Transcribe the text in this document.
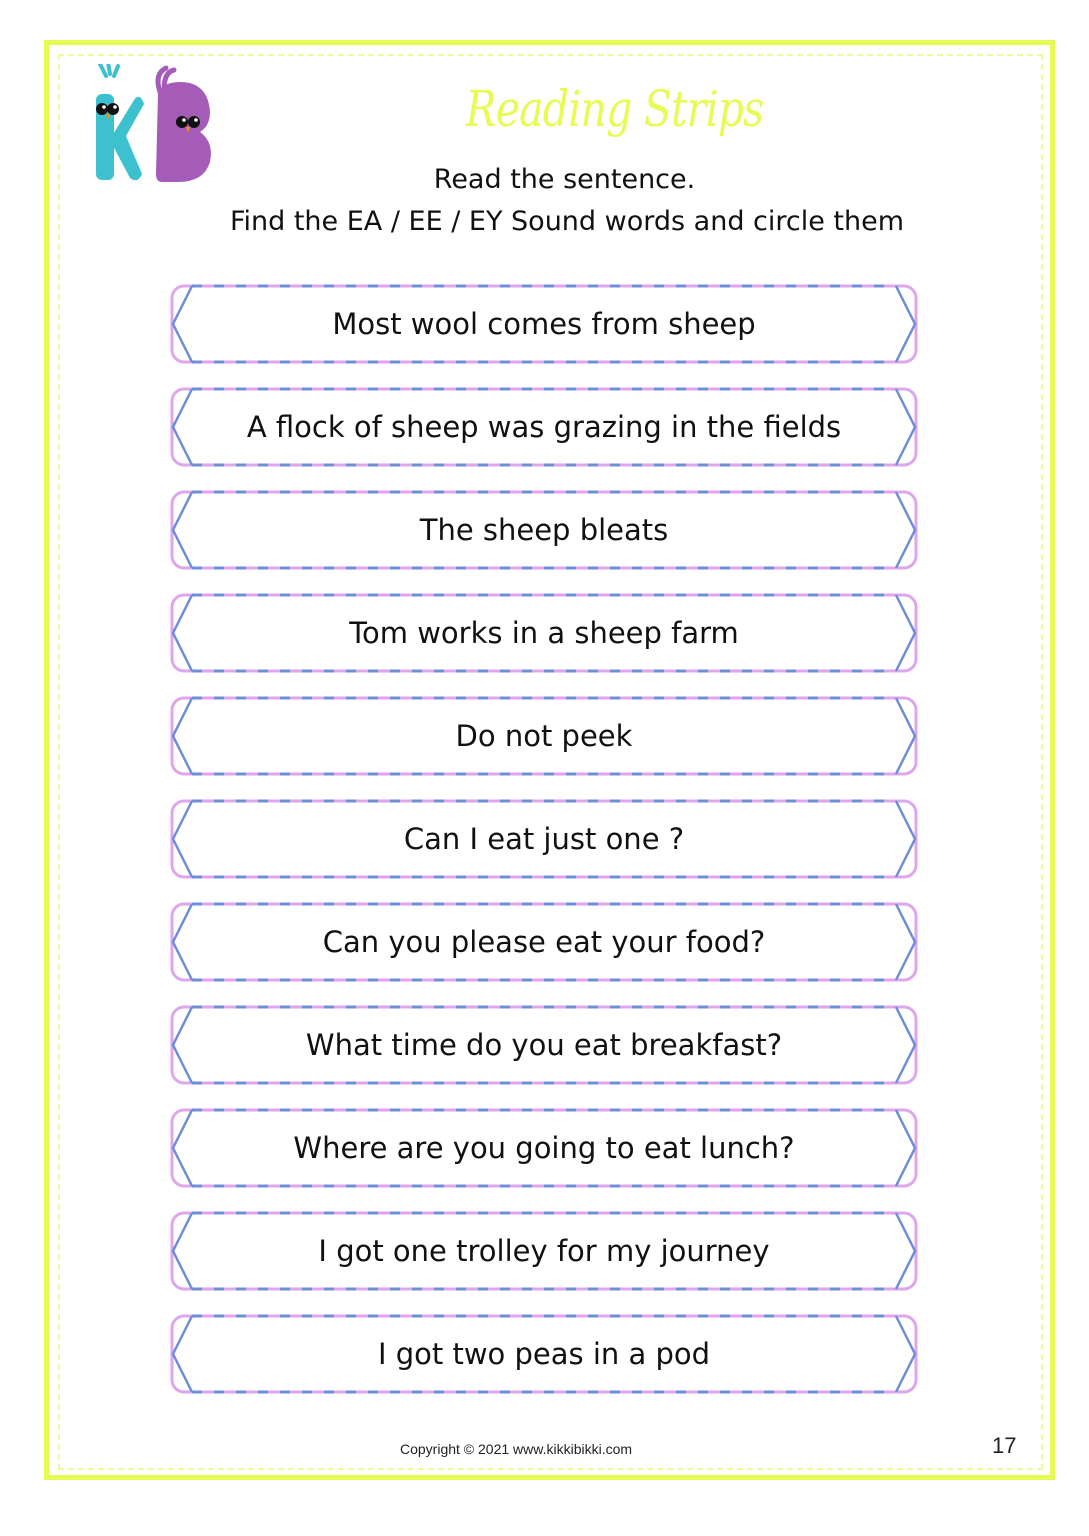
Reading Strips
Read the sentence.
Find the EA / EE / EY Sound words and circle them
Most wool comes from sheep
A flock of sheep was grazing in the fields
The sheep bleats
Tom works in a sheep farm
Do not peek
Can I eat just one ?
Can you please eat your food?
What time do you eat breakfast?
Where are you going to eat lunch?
I got one trolley for my journey
I got two peas in a pod
Copyright © 2021 www.kikkibikki.com	17
